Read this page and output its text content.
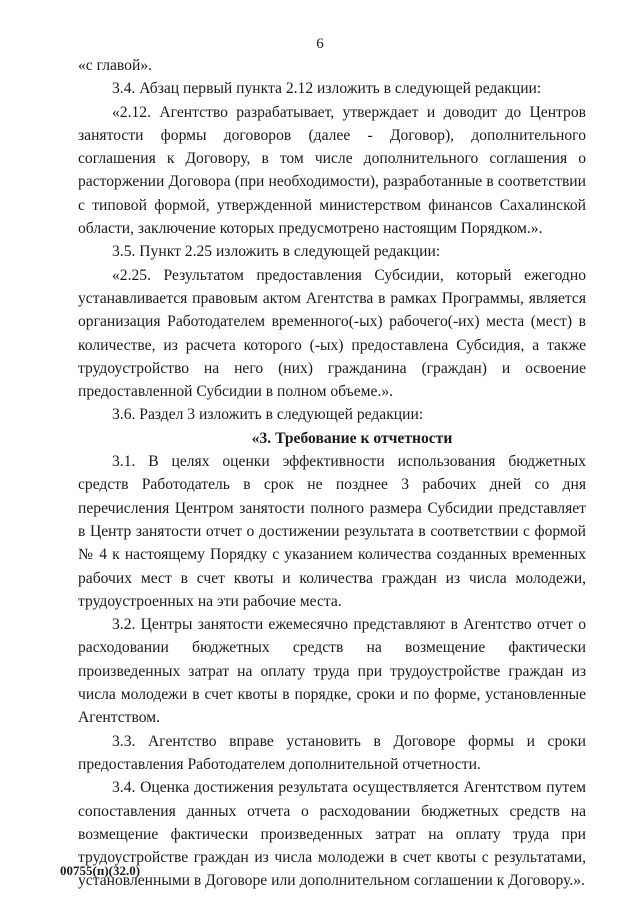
6

«с главой».

3.4. Абзац первый пункта 2.12 изложить в следующей редакции:

«2.12. Агентство разрабатывает, утверждает и доводит до Центров занятости формы договоров (далее - Договор), дополнительного соглашения к Договору, в том числе дополнительного соглашения о расторжении Договора (при необходимости), разработанные в соответствии с типовой формой, утвержденной министерством финансов Сахалинской области, заключение которых предусмотрено настоящим Порядком.».

3.5. Пункт 2.25 изложить в следующей редакции:

«2.25. Результатом предоставления Субсидии, который ежегодно устанавливается правовым актом Агентства в рамках Программы, является организация Работодателем временного(-ых) рабочего(-их) места (мест) в количестве, из расчета которого (-ых) предоставлена Субсидия, а также трудоустройство на него (них) гражданина (граждан) и освоение предоставленной Субсидии в полном объеме.».

3.6. Раздел 3 изложить в следующей редакции:

«3. Требование к отчетности

3.1. В целях оценки эффективности использования бюджетных средств Работодатель в срок не позднее 3 рабочих дней со дня перечисления Центром занятости полного размера Субсидии представляет в Центр занятости отчет о достижении результата в соответствии с формой № 4 к настоящему Порядку с указанием количества созданных временных рабочих мест в счет квоты и количества граждан из числа молодежи, трудоустроенных на эти рабочие места.

3.2. Центры занятости ежемесячно представляют в Агентство отчет о расходовании бюджетных средств на возмещение фактически произведенных затрат на оплату труда при трудоустройстве граждан из числа молодежи в счет квоты в порядке, сроки и по форме, установленные Агентством.

3.3. Агентство вправе установить в Договоре формы и сроки предоставления Работодателем дополнительной отчетности.

3.4. Оценка достижения результата осуществляется Агентством путем сопоставления данных отчета о расходовании бюджетных средств на возмещение фактически произведенных затрат на оплату труда при трудоустройстве граждан из числа молодежи в счет квоты с результатами, установленными в Договоре или дополнительном соглашении к Договору.».

00755(п)(32.0)
